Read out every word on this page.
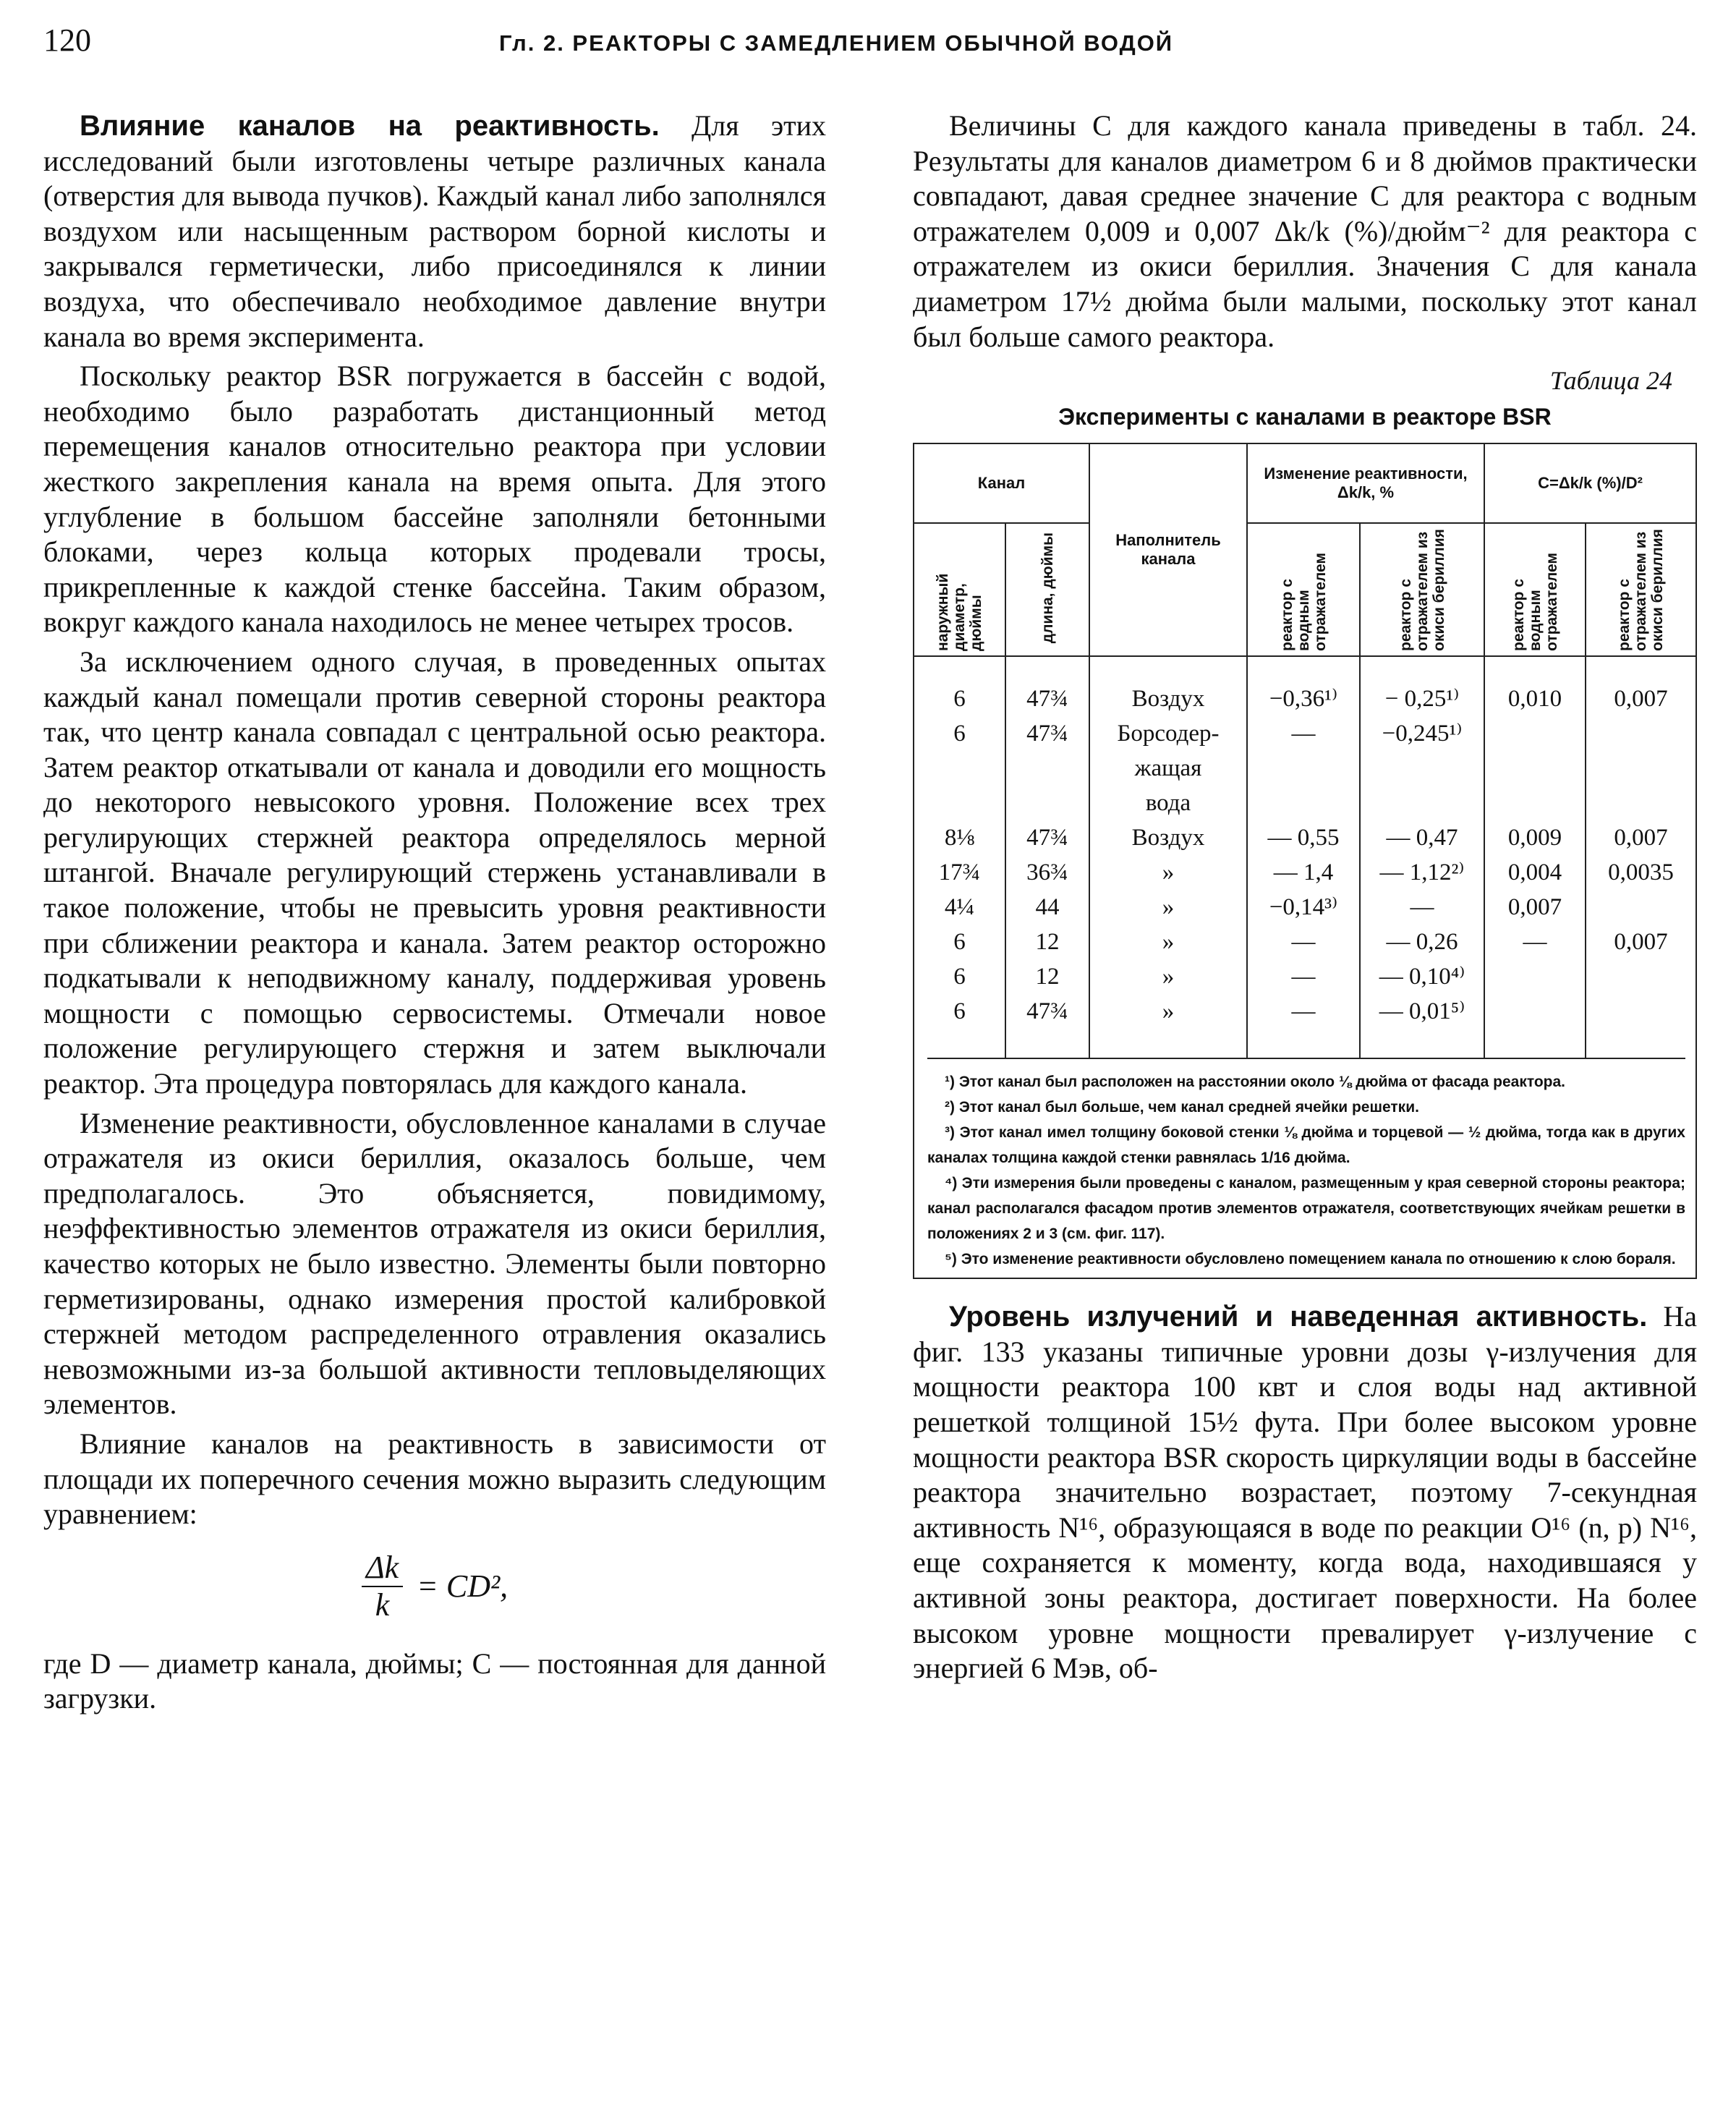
120	Гл. 2. РЕАКТОРЫ С ЗАМЕДЛЕНИЕМ ОБЫЧНОЙ ВОДОЙ

Влияние каналов на реактивность. Для этих исследований были изготовлены четыре различных канала (отверстия для вывода пучков). Каждый канал либо заполнялся воздухом или насыщенным раствором борной кислоты и закрывался герметически, либо присоединялся к линии воздуха, что обеспечивало необходимое давление внутри канала во время эксперимента.

Поскольку реактор BSR погружается в бассейн с водой, необходимо было разработать дистанционный метод перемещения каналов относительно реактора при условии жесткого закрепления канала на время опыта. Для этого углубление в большом бассейне заполняли бетонными блоками, через кольца которых продевали тросы, прикрепленные к каждой стенке бассейна. Таким образом, вокруг каждого канала находилось не менее четырех тросов.

За исключением одного случая, в проведенных опытах каждый канал помещали против северной стороны реактора так, что центр канала совпадал с центральной осью реактора. Затем реактор откатывали от канала и доводили его мощность до некоторого невысокого уровня. Положение всех трех регулирующих стержней реактора определялось мерной штангой. Вначале регулирующий стержень устанавливали в такое положение, чтобы не превысить уровня реактивности при сближении реактора и канала. Затем реактор осторожно подкатывали к неподвижному каналу, поддерживая уровень мощности с помощью сервосистемы. Отмечали новое положение регулирующего стержня и затем выключали реактор. Эта процедура повторялась для каждого канала.

Изменение реактивности, обусловленное каналами в случае отражателя из окиси бериллия, оказалось больше, чем предполагалось. Это объясняется, повидимому, неэффективностью элементов отражателя из окиси бериллия, качество которых не было известно. Элементы были повторно герметизированы, однако измерения простой калибровкой стержней методом распределенного отравления оказались невозможными из-за большой активности тепловыделяющих элементов.

Влияние каналов на реактивность в зависимости от площади их поперечного сечения можно выразить следующим уравнением:

$\frac{\Delta k}{k} = CD^2$,

где D — диаметр канала, дюймы; C — постоянная для данной загрузки.

Величины C для каждого канала приведены в табл. 24. Результаты для каналов диаметром 6 и 8 дюймов практически совпадают, давая среднее значение C для реактора с водным отражателем 0,009 и 0,007 Δk/k (%)/дюйм⁻² для реактора с отражателем из окиси бериллия. Значения C для канала диаметром 17½ дюйма были малыми, поскольку этот канал был больше самого реактора.

Таблица 24
Эксперименты с каналами в реакторе BSR
Канал		Наполнитель канала	Изменение реактивности, Δk/k, %		C=Δk/k (%)/D²	
наружный диаметр, дюймы	длина, дюймы		реактор с водным отражателем	реактор с отражателем из окиси бериллия	реактор с водным отражателем	реактор с отражателем из окиси бериллия
6	47¾	Воздух	−0,36¹⁾	− 0,25¹⁾	0,010	0,007
6	47¾	Борсодер-	—	−0,245¹⁾		
		жащая				
		вода				
8⅛	47¾	Воздух	— 0,55	— 0,47	0,009	0,007
17¾	36¾	»	— 1,4	— 1,12²⁾	0,004	0,0035
4¼	44	»	−0,14³⁾	—	0,007	
6	12	»	—	— 0,26	—	0,007
6	12	»	—	— 0,10⁴⁾		
6	47¾	»	—	— 0,01⁵⁾		

¹) Этот канал был расположен на расстоянии около ⅛ дюйма от фасада реактора.

²) Этот канал был больше, чем канал средней ячейки решетки.

³) Этот канал имел толщину боковой стенки ⅛ дюйма и торцевой — ½ дюйма, тогда как в других каналах толщина каждой стенки равнялась 1/16 дюйма.

⁴) Эти измерения были проведены с каналом, размещенным у края северной стороны реактора; канал располагался фасадом против элементов отражателя, соответствующих ячейкам решетки в положениях 2 и 3 (см. фиг. 117).

⁵) Это изменение реактивности обусловлено помещением канала по отношению к слою бораля.

Уровень излучений и наведенная активность. На фиг. 133 указаны типичные уровни дозы γ-излучения для мощности реактора 100 квт и слоя воды над активной решеткой толщиной 15½ фута. При более высоком уровне мощности реактора BSR скорость циркуляции воды в бассейне реактора значительно возрастает, поэтому 7-секундная активность N¹⁶, образующаяся в воде по реакции O¹⁶ (n, p) N¹⁶, еще сохраняется к моменту, когда вода, находившаяся у активной зоны реактора, достигает поверхности. На более высоком уровне мощности превалирует γ-излучение с энергией 6 Мэв, об-
